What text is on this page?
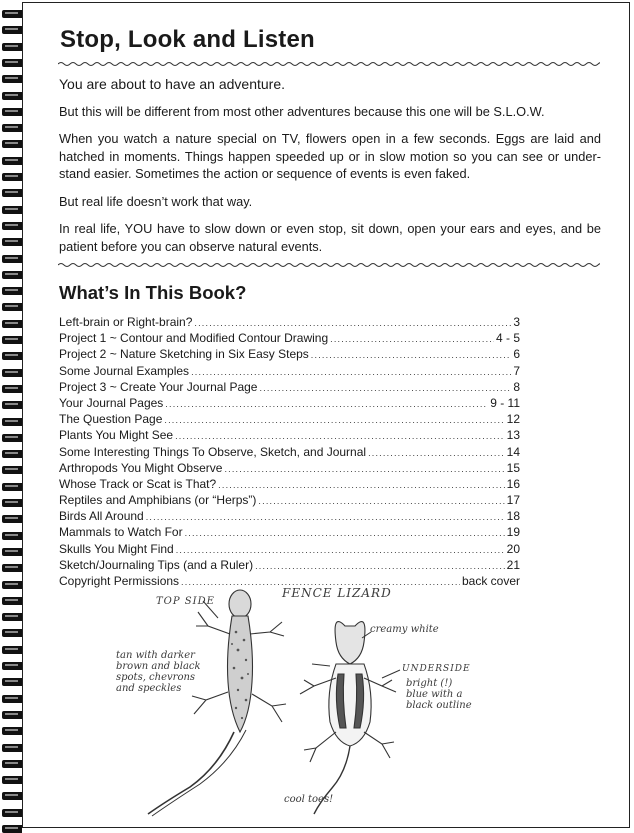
Stop, Look and Listen

You are about to have an adventure.

But this will be different from most other adventures because this one will be S.L.O.W.

When you watch a nature special on TV, flowers open in a few seconds. Eggs are laid and hatched in moments. Things happen speeded up or in slow motion so you can see or under-stand easier. Sometimes the action or sequence of events is even faked.

But real life doesn’t work that way.

In real life, YOU have to slow down or even stop, sit down, open your ears and eyes, and be patient before you can observe natural events.

What’s In This Book?
Left-brain or Right-brain? .....	3
Project 1 ~ Contour and Modified Contour Drawing .....	4 - 5
Project 2 ~ Nature Sketching in Six Easy Steps .....	6
Some Journal Examples .....	7
Project 3 ~ Create Your Journal Page .....	8
Your Journal Pages .....	9 - 11
The Question Page .....	12
Plants You Might See .....	13
Some Interesting Things To Observe, Sketch, and Journal .....	14
Arthropods You Might Observe .....	15
Whose Track or Scat is That? .....	16
Reptiles and Amphibians (or “Herps”) .....	17
Birds All Around .....	18
Mammals to Watch For .....	19
Skulls You Might Find .....	20
Sketch/Journaling Tips (and a Ruler) .....	21
Copyright Permissions .....	back cover
TOP SIDE
FENCE LIZARD
tan with darker
brown and black
spots, chevrons
and speckles
creamy white
UNDERSIDE
bright (!)
blue with a
black outline
cool toes!
